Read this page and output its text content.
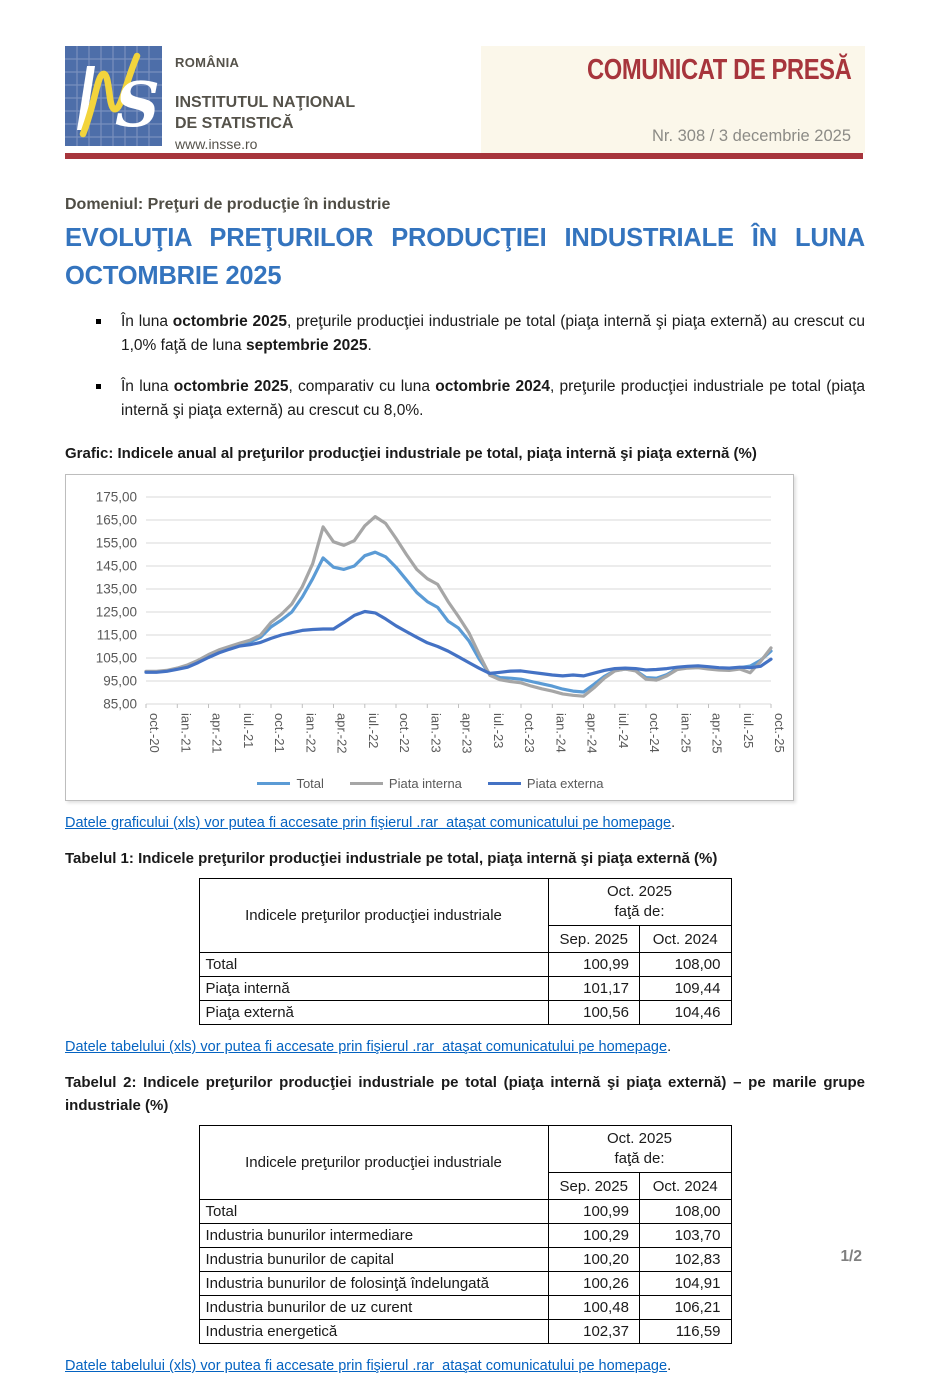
S
ROMÂNIA
INSTITUTUL NAŢIONAL
DE STATISTICĂ
www.insse.ro
COMUNICAT DE PRESĂ
Nr. 308 / 3 decembrie 2025
Domeniul: Preţuri de producţie în industrie
EVOLUŢIA PREŢURILOR PRODUCŢIEI INDUSTRIALE ÎN LUNA OCTOMBRIE 2025
În luna octombrie 2025, preţurile producţiei industriale pe total (piaţa internă şi piaţa externă) au crescut cu 1,0% faţă de luna septembrie 2025.
În luna octombrie 2025, comparativ cu luna octombrie 2024, preţurile producţiei industriale pe total (piaţa internă şi piaţa externă) au crescut cu 8,0%.
Grafic: Indicele anual al preţurilor producţiei industriale pe total, piaţa internă şi piaţa externă (%)
175,00
165,00
155,00
145,00
135,00
125,00
115,00
105,00
95,00
85,00
oct.-20 ian.-21 apr.-21 iul.-21 oct.-21 ian.-22 apr.-22 iul.-22 oct.-22 ian.-23 apr.-23 iul.-23 oct.-23 ian.-24 apr.-24 iul.-24 oct.-24 ian.-25 apr.-25 iul.-25 oct.-25
Total	Piata interna	Piata externa

Datele graficului (xls) vor putea fi accesate prin fişierul .rar  ataşat comunicatului pe homepage.

Tabelul 1: Indicele preţurilor producţiei industriale pe total, piaţa internă şi piaţa externă (%)
Indicele preţurilor producţiei industriale	Oct. 2025
faţă de:	
	Sep. 2025	Oct. 2024
Total	100,99	108,00
Piaţa internă	101,17	109,44
Piaţa externă	100,56	104,46

Datele tabelului (xls) vor putea fi accesate prin fişierul .rar  ataşat comunicatului pe homepage.

Tabelul 2: Indicele preţurilor producţiei industriale pe total (piaţa internă şi piaţa externă) – pe marile grupe industriale (%)
Indicele preţurilor producţiei industriale	Oct. 2025
faţă de:	
	Sep. 2025	Oct. 2024
Total	100,99	108,00
Industria bunurilor intermediare	100,29	103,70
Industria bunurilor de capital	100,20	102,83
Industria bunurilor de folosinţă îndelungată	100,26	104,91
Industria bunurilor de uz curent	100,48	106,21
Industria energetică	102,37	116,59

Datele tabelului (xls) vor putea fi accesate prin fişierul .rar  ataşat comunicatului pe homepage.

1/2
